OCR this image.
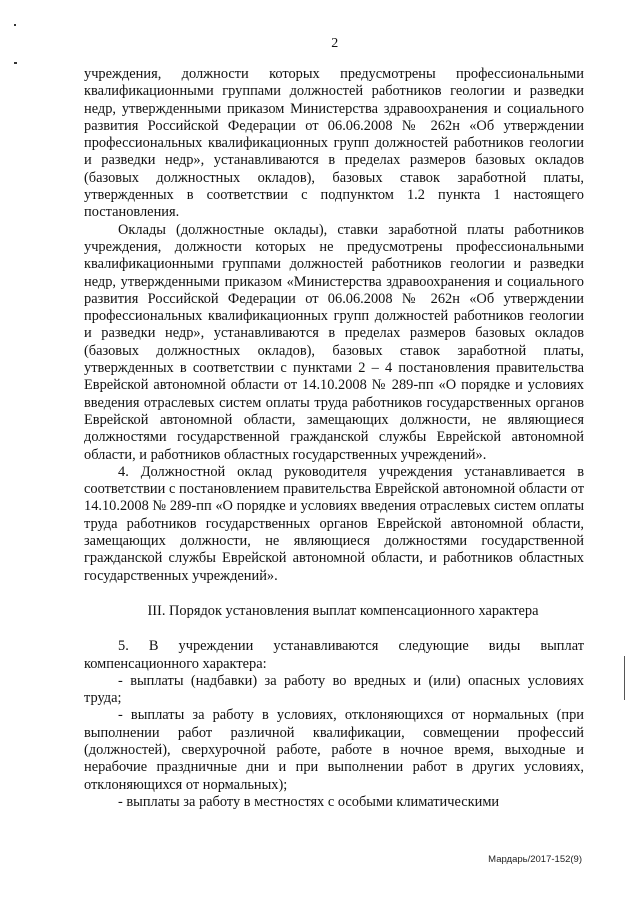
2

учреждения, должности которых предусмотрены профессиональными квалификационными группами должностей работников геологии и разведки недр, утвержденными приказом Министерства здравоохранения и социального развития Российской Федерации от 06.06.2008 № 262н «Об утверждении профессиональных квалификационных групп должностей работников геологии и разведки недр», устанавливаются в пределах размеров базовых окладов (базовых должностных окладов), базовых ставок заработной платы, утвержденных в соответствии с подпунктом 1.2 пункта 1 настоящего постановления.

Оклады (должностные оклады), ставки заработной платы работников учреждения, должности которых не предусмотрены профессиональными квалификационными группами должностей работников геологии и разведки недр, утвержденными приказом «Министерства здравоохранения и социального развития Российской Федерации от 06.06.2008 № 262н «Об утверждении профессиональных квалификационных групп должностей работников геологии и разведки недр», устанавливаются в пределах размеров базовых окладов (базовых должностных окладов), базовых ставок заработной платы, утвержденных в соответствии с пунктами 2 – 4 постановления правительства Еврейской автономной области от 14.10.2008 № 289-пп «О порядке и условиях введения отраслевых систем оплаты труда работников государственных органов Еврейской автономной области, замещающих должности, не являющиеся должностями государственной гражданской службы Еврейской автономной области, и работников областных государственных учреждений».

4. Должностной оклад руководителя учреждения устанавливается в соответствии с постановлением правительства Еврейской автономной области от 14.10.2008 № 289-пп «О порядке и условиях введения отраслевых систем оплаты труда работников государственных органов Еврейской автономной области, замещающих должности, не являющиеся должностями государственной гражданской службы Еврейской автономной области, и работников областных государственных учреждений».

III. Порядок установления выплат компенсационного характера

5. В учреждении устанавливаются следующие виды выплат компенсационного характера:

- выплаты (надбавки) за работу во вредных и (или) опасных условиях труда;

- выплаты за работу в условиях, отклоняющихся от нормальных (при выполнении работ различной квалификации, совмещении профессий (должностей), сверхурочной работе, работе в ночное время, выходные и нерабочие праздничные дни и при выполнении работ в других условиях, отклоняющихся от нормальных);

- выплаты за работу в местностях с особыми климатическими

Мардарь/2017-152(9)
